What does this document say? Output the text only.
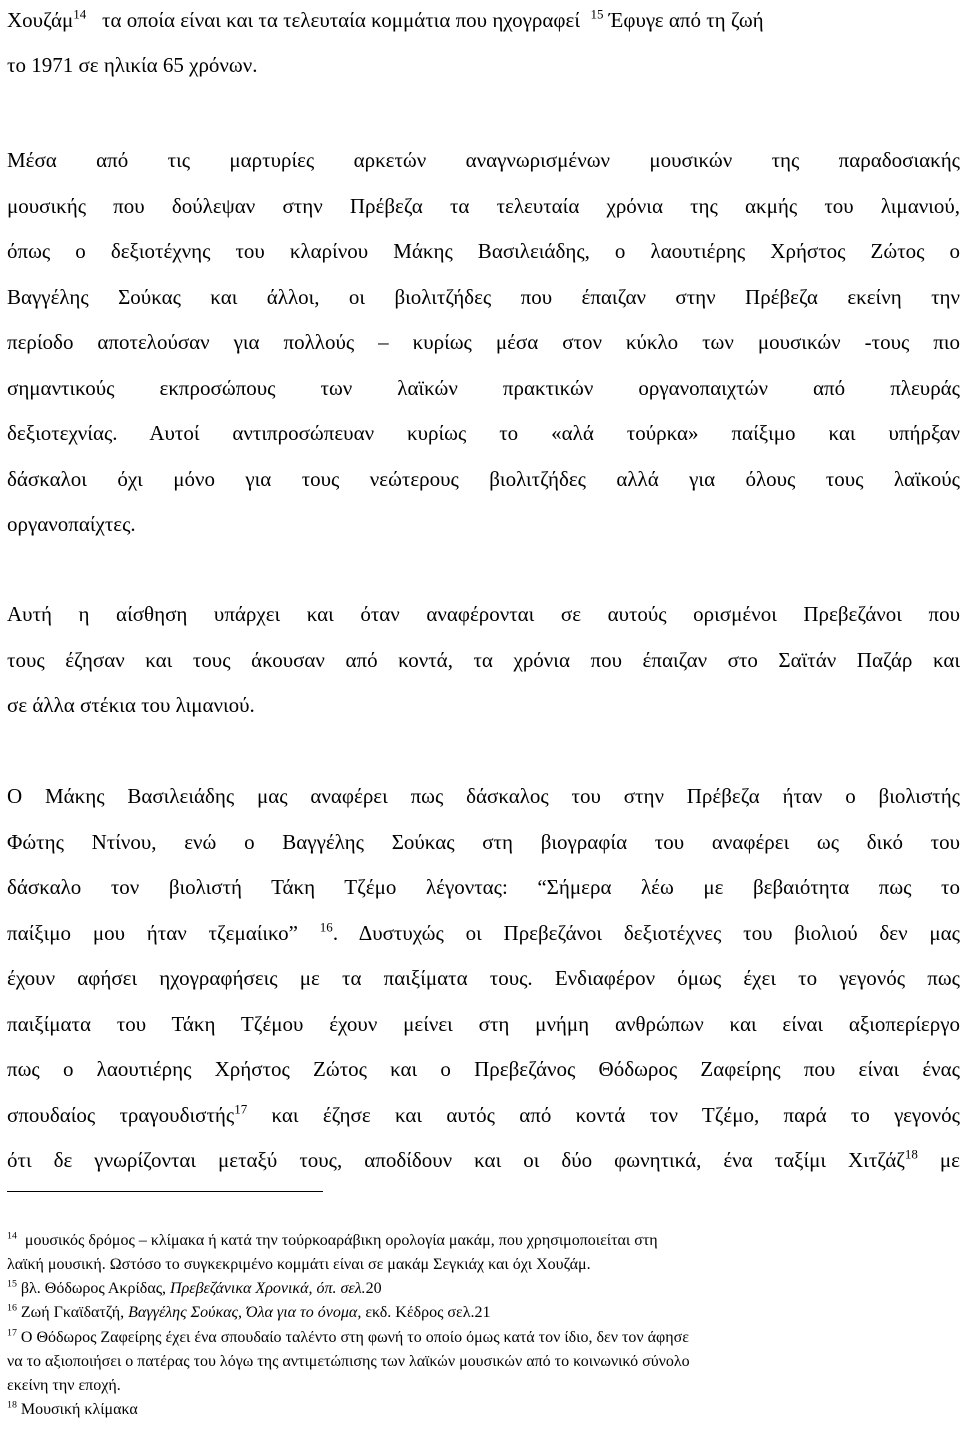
Χουζάμ$^{14}$ τα οποία είναι και τα τελευταία κομμάτια που ηχογραφεί $^{15}$ Έφυγε από τη ζωή
το 1971 σε ηλικία 65 χρόνων.
Μέσα από τις μαρτυρίες αρκετών αναγνωρισμένων μουσικών της παραδοσιακής
μουσικής που δούλεψαν στην Πρέβεζα τα τελευταία χρόνια της ακμής του λιμανιού,
όπως ο δεξιοτέχνης του κλαρίνου Μάκης Βασιλειάδης, ο λαουτιέρης Χρήστος Ζώτος ο
Βαγγέλης Σούκας και άλλοι, οι βιολιτζήδες που έπαιζαν στην Πρέβεζα εκείνη την
περίοδο αποτελούσαν για πολλούς – κυρίως μέσα στον κύκλο των μουσικών -τους πιο
σημαντικούς εκπροσώπους των λαϊκών πρακτικών οργανοπαιχτών από πλευράς
δεξιοτεχνίας. Αυτοί αντιπροσώπευαν κυρίως το «αλά τούρκα» παίξιμο και υπήρξαν
δάσκαλοι όχι μόνο για τους νεώτερους βιολιτζήδες αλλά για όλους τους λαϊκούς
οργανοπαίχτες.
Αυτή η αίσθηση υπάρχει και όταν αναφέρονται σε αυτούς ορισμένοι Πρεβεζάνοι που
τους έζησαν και τους άκουσαν από κοντά, τα χρόνια που έπαιζαν στο Σαϊτάν Παζάρ και
σε άλλα στέκια του λιμανιού.
Ο Μάκης Βασιλειάδης μας αναφέρει πως δάσκαλος του στην Πρέβεζα ήταν ο βιολιστής
Φώτης Ντίνου, ενώ ο Βαγγέλης Σούκας στη βιογραφία του αναφέρει ως δικό του
δάσκαλο τον βιολιστή Τάκη Τζέμο λέγοντας: “Σήμερα λέω με βεβαιότητα πως το
παίξιμο μου ήταν τζεμαίικο” $^{16}$. Δυστυχώς οι Πρεβεζάνοι δεξιοτέχνες του βιολιού δεν μας
έχουν αφήσει ηχογραφήσεις με τα παιξίματα τους. Ενδιαφέρον όμως έχει το γεγονός πως
παιξίματα του Τάκη Τζέμου έχουν μείνει στη μνήμη ανθρώπων και είναι αξιοπερίεργο
πως ο λαουτιέρης Χρήστος Ζώτος και ο Πρεβεζάνος Θόδωρος Ζαφείρης που είναι ένας
σπουδαίος τραγουδιστής$^{17}$ και έζησε και αυτός από κοντά τον Τζέμο, παρά το γεγονός
ότι δε γνωρίζονται μεταξύ τους, αποδίδουν και οι δύο φωνητικά, ένα ταξίμι Χιτζάζ$^{18}$ με
$^{14}$ μουσικός δρόμος – κλίμακα ή κατά την τούρκοαράβικη ορολογία μακάμ, που χρησιμοποιείται στη
λαϊκή μουσική. Ωστόσο το συγκεκριμένο κομμάτι είναι σε μακάμ Σεγκιάχ και όχι Χουζάμ.
$^{15}$ βλ. Θόδωρος Ακρίδας, Πρεβεζάνικα Χρονικά, όπ. σελ.20
$^{16}$ Ζωή Γκαϊδατζή, Βαγγέλης Σούκας, Όλα για το όνομα, εκδ. Κέδρος σελ.21
$^{17}$ Ο Θόδωρος Ζαφείρης έχει ένα σπουδαίο ταλέντο στη φωνή το οποίο όμως κατά τον ίδιο, δεν τον άφησε
να το αξιοποιήσει ο πατέρας του λόγω της αντιμετώπισης των λαϊκών μουσικών από το κοινωνικό σύνολο
εκείνη την εποχή.
$^{18}$ Μουσική κλίμακα
